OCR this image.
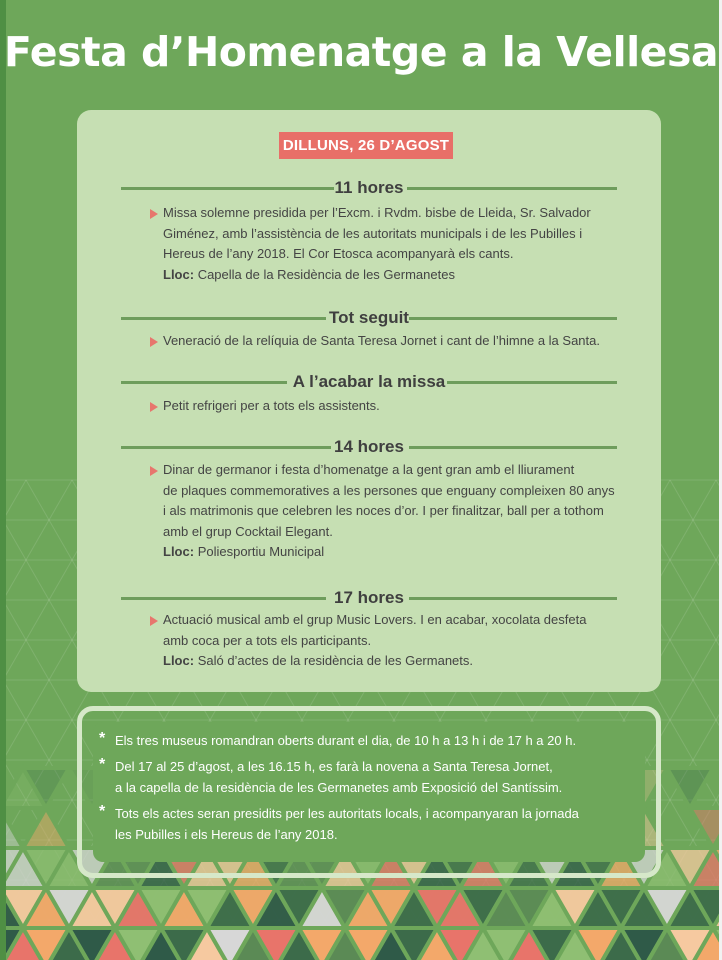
Festa d’Homenatge a la Vellesa
DILLUNS, 26 D’AGOST
11 hores

Missa solemne presidida per l’Excm. i Rvdm. bisbe de Lleida, Sr. Salvador

Giménez, amb l’assistència de les autoritats municipals i de les Pubilles i

Hereus de l’any 2018. El Cor Etosca acompanyarà els cants.

Lloc: Capella de la Residència de les Germanetes

Tot seguit

Veneració de la relíquia de Santa Teresa Jornet i cant de l’himne a la Santa.

A l’acabar la missa

Petit refrigeri per a tots els assistents.

14 hores

Dinar de germanor i festa d’homenatge a la gent gran amb el lliurament

de plaques commemoratives a les persones que enguany compleixen 80 anys

i als matrimonis que celebren les noces d’or. I per finalitzar, ball per a tothom

amb el grup Cocktail Elegant.

Lloc: Poliesportiu Municipal

17 hores

Actuació musical amb el grup Music Lovers. I en acabar, xocolata desfeta

amb coca per a tots els participants.

Lloc: Saló d’actes de la residència de les Germanets.

* Els tres museus romandran oberts durant el dia, de 10 h a 13 h i de 17 h a 20 h.

* Del 17 al 25 d’agost, a les 16.15 h, es farà la novena a Santa Teresa Jornet,

a la capella de la residència de les Germanetes amb Exposició del Santíssim.

* Tots els actes seran presidits per les autoritats locals, i acompanyaran la jornada

les Pubilles i els Hereus de l’any 2018.
